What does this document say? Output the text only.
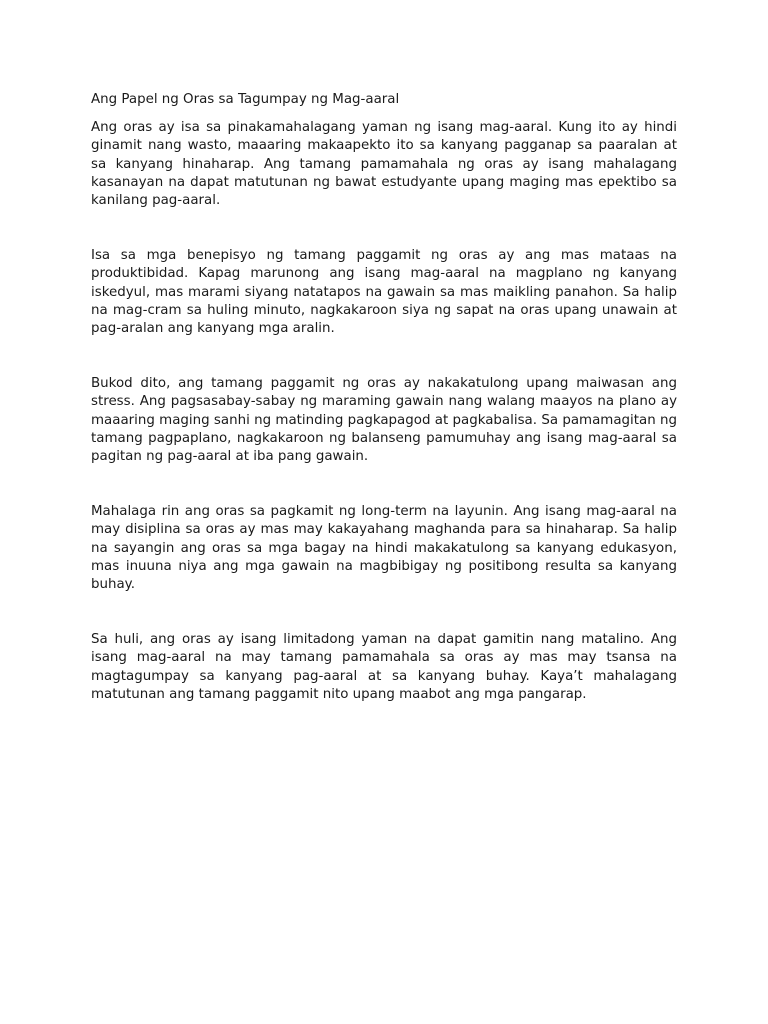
Ang Papel ng Oras sa Tagumpay ng Mag-aaral

Ang oras ay isa sa pinakamahalagang yaman ng isang mag-aaral. Kung ito ay hindi ginamit nang wasto, maaaring makaapekto ito sa kanyang pagganap sa paaralan at sa kanyang hinaharap. Ang tamang pamamahala ng oras ay isang mahalagang kasanayan na dapat matutunan ng bawat estudyante upang maging mas epektibo sa kanilang pag-aaral.

Isa sa mga benepisyo ng tamang paggamit ng oras ay ang mas mataas na produktibidad. Kapag marunong ang isang mag-aaral na magplano ng kanyang iskedyul, mas marami siyang natatapos na gawain sa mas maikling panahon. Sa halip na mag-cram sa huling minuto, nagkakaroon siya ng sapat na oras upang unawain at pag-aralan ang kanyang mga aralin.

Bukod dito, ang tamang paggamit ng oras ay nakakatulong upang maiwasan ang stress. Ang pagsasabay-sabay ng maraming gawain nang walang maayos na plano ay maaaring maging sanhi ng matinding pagkapagod at pagkabalisa. Sa pamamagitan ng tamang pagpaplano, nagkakaroon ng balanseng pamumuhay ang isang mag-aaral sa pagitan ng pag-aaral at iba pang gawain.

Mahalaga rin ang oras sa pagkamit ng long-term na layunin. Ang isang mag-aaral na may disiplina sa oras ay mas may kakayahang maghanda para sa hinaharap. Sa halip na sayangin ang oras sa mga bagay na hindi makakatulong sa kanyang edukasyon, mas inuuna niya ang mga gawain na magbibigay ng positibong resulta sa kanyang buhay.

Sa huli, ang oras ay isang limitadong yaman na dapat gamitin nang matalino. Ang isang mag-aaral na may tamang pamamahala sa oras ay mas may tsansa na magtagumpay sa kanyang pag-aaral at sa kanyang buhay. Kaya’t mahalagang matutunan ang tamang paggamit nito upang maabot ang mga pangarap.
